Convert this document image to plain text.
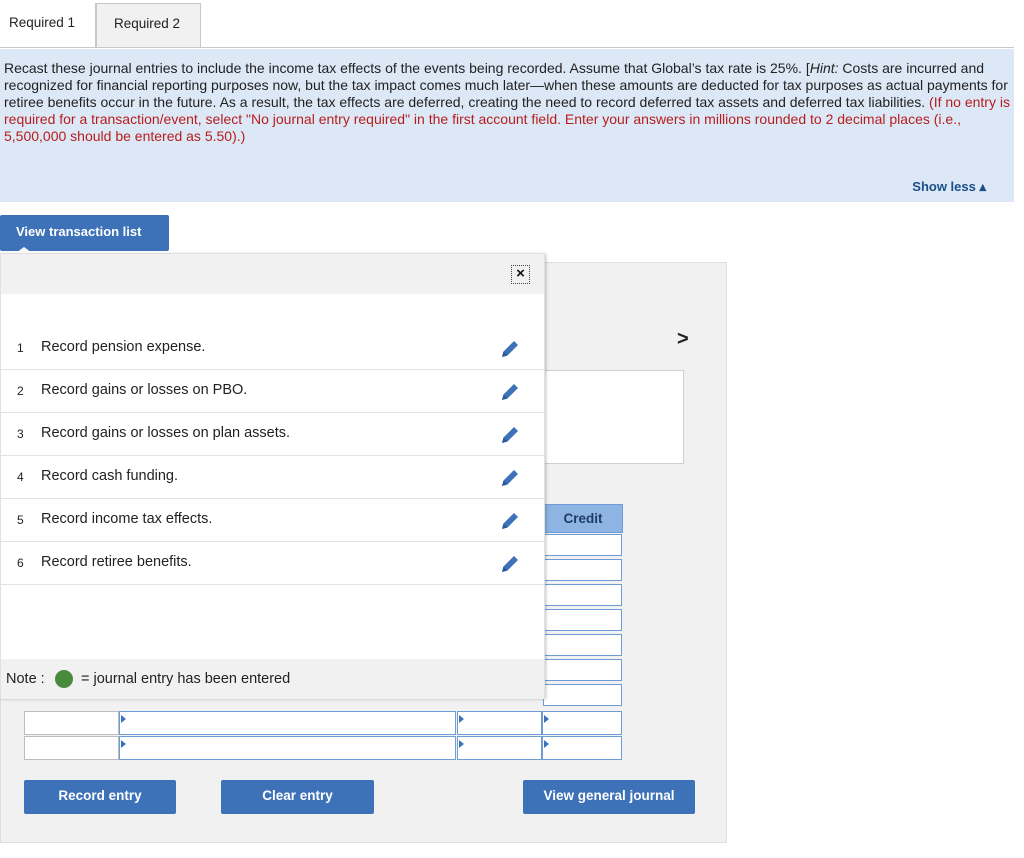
Required 1	Required 2
Recast these journal entries to include the income tax effects of the events being recorded. Assume that Global’s tax rate is 25%. [Hint: Costs are incurred and recognized for financial reporting purposes now, but the tax impact comes much later—when these amounts are deducted for tax purposes as actual payments for retiree benefits occur in the future. As a result, the tax effects are deferred, creating the need to record deferred tax assets and deferred tax liabilities. (If no entry is required for a transaction/event, select "No journal entry required" in the first account field. Enter your answers in millions rounded to 2 decimal places (i.e., 5,500,000 should be entered as 5.50).)
Show less ▴
View transaction list
>
Credit
Record entry	Clear entry	View general journal
×
1 Record pension expense.
2 Record gains or losses on PBO.
3 Record gains or losses on plan assets.
4 Record cash funding.
5 Record income tax effects.
6 Record retiree benefits.
Note :	= journal entry has been entered
